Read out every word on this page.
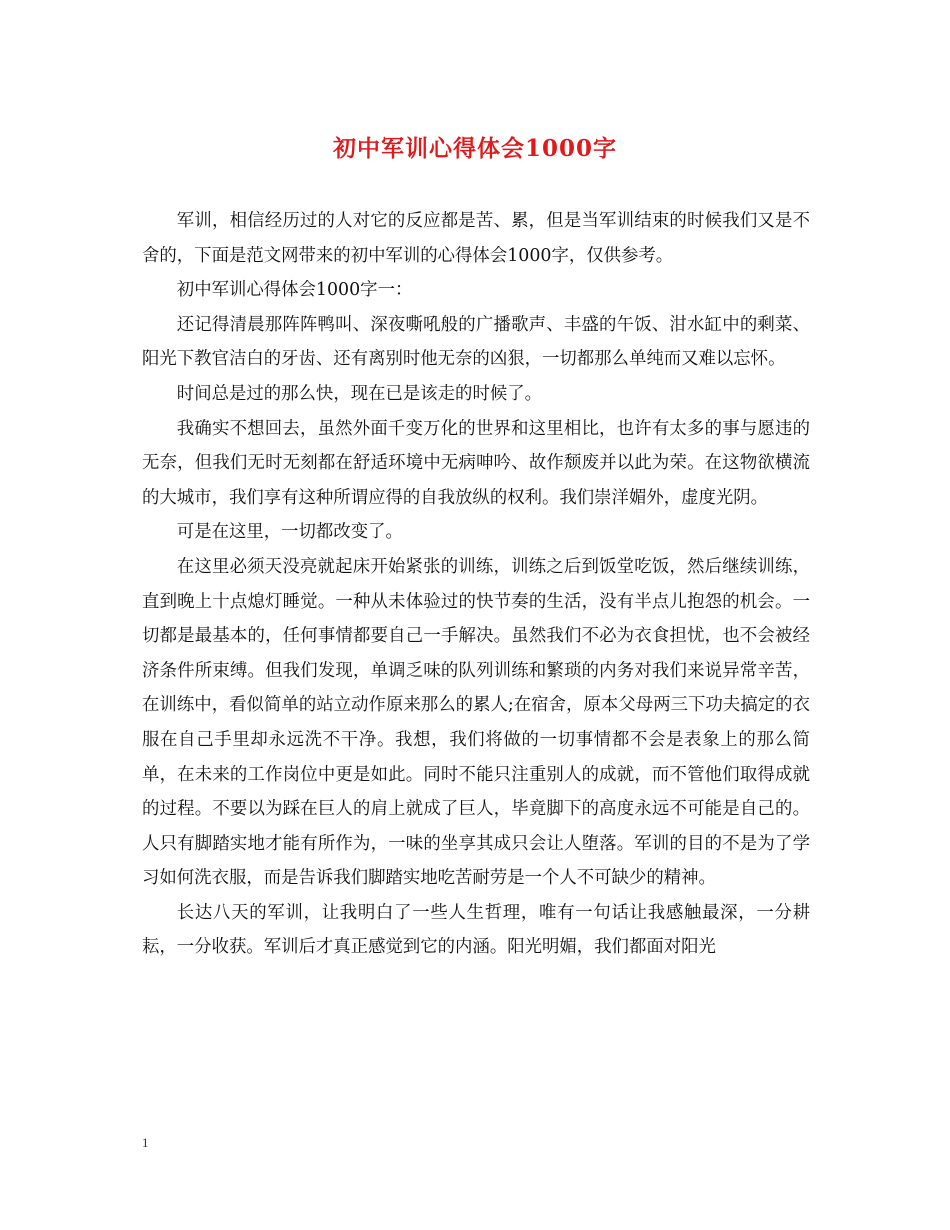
初中军训心得体会1000字

军训，相信经历过的人对它的反应都是苦、累，但是当军训结束的时候我们又是不舍的，下面是范文网带来的初中军训的心得体会1000字，仅供参考。

初中军训心得体会1000字一：

还记得清晨那阵阵鸭叫、深夜嘶吼般的广播歌声、丰盛的午饭、泔水缸中的剩菜、阳光下教官洁白的牙齿、还有离别时他无奈的凶狠，一切都那么单纯而又难以忘怀。

时间总是过的那么快，现在已是该走的时候了。

我确实不想回去，虽然外面千变万化的世界和这里相比，也许有太多的事与愿违的无奈，但我们无时无刻都在舒适环境中无病呻吟、故作颓废并以此为荣。在这物欲横流的大城市，我们享有这种所谓应得的自我放纵的权利。我们崇洋媚外，虚度光阴。

可是在这里，一切都改变了。

在这里必须天没亮就起床开始紧张的训练，训练之后到饭堂吃饭，然后继续训练，直到晚上十点熄灯睡觉。一种从未体验过的快节奏的生活，没有半点儿抱怨的机会。一切都是最基本的，任何事情都要自己一手解决。虽然我们不必为衣食担忧，也不会被经济条件所束缚。但我们发现，单调乏味的队列训练和繁琐的内务对我们来说异常辛苦，在训练中，看似简单的站立动作原来那么的累人;在宿舍，原本父母两三下功夫搞定的衣服在自己手里却永远洗不干净。我想，我们将做的一切事情都不会是表象上的那么简单，在未来的工作岗位中更是如此。同时不能只注重别人的成就，而不管他们取得成就的过程。不要以为踩在巨人的肩上就成了巨人，毕竟脚下的高度永远不可能是自己的。人只有脚踏实地才能有所作为，一味的坐享其成只会让人堕落。军训的目的不是为了学习如何洗衣服，而是告诉我们脚踏实地吃苦耐劳是一个人不可缺少的精神。

长达八天的军训，让我明白了一些人生哲理，唯有一句话让我感触最深，一分耕耘，一分收获。军训后才真正感觉到它的内涵。阳光明媚，我们都面对阳光

1
